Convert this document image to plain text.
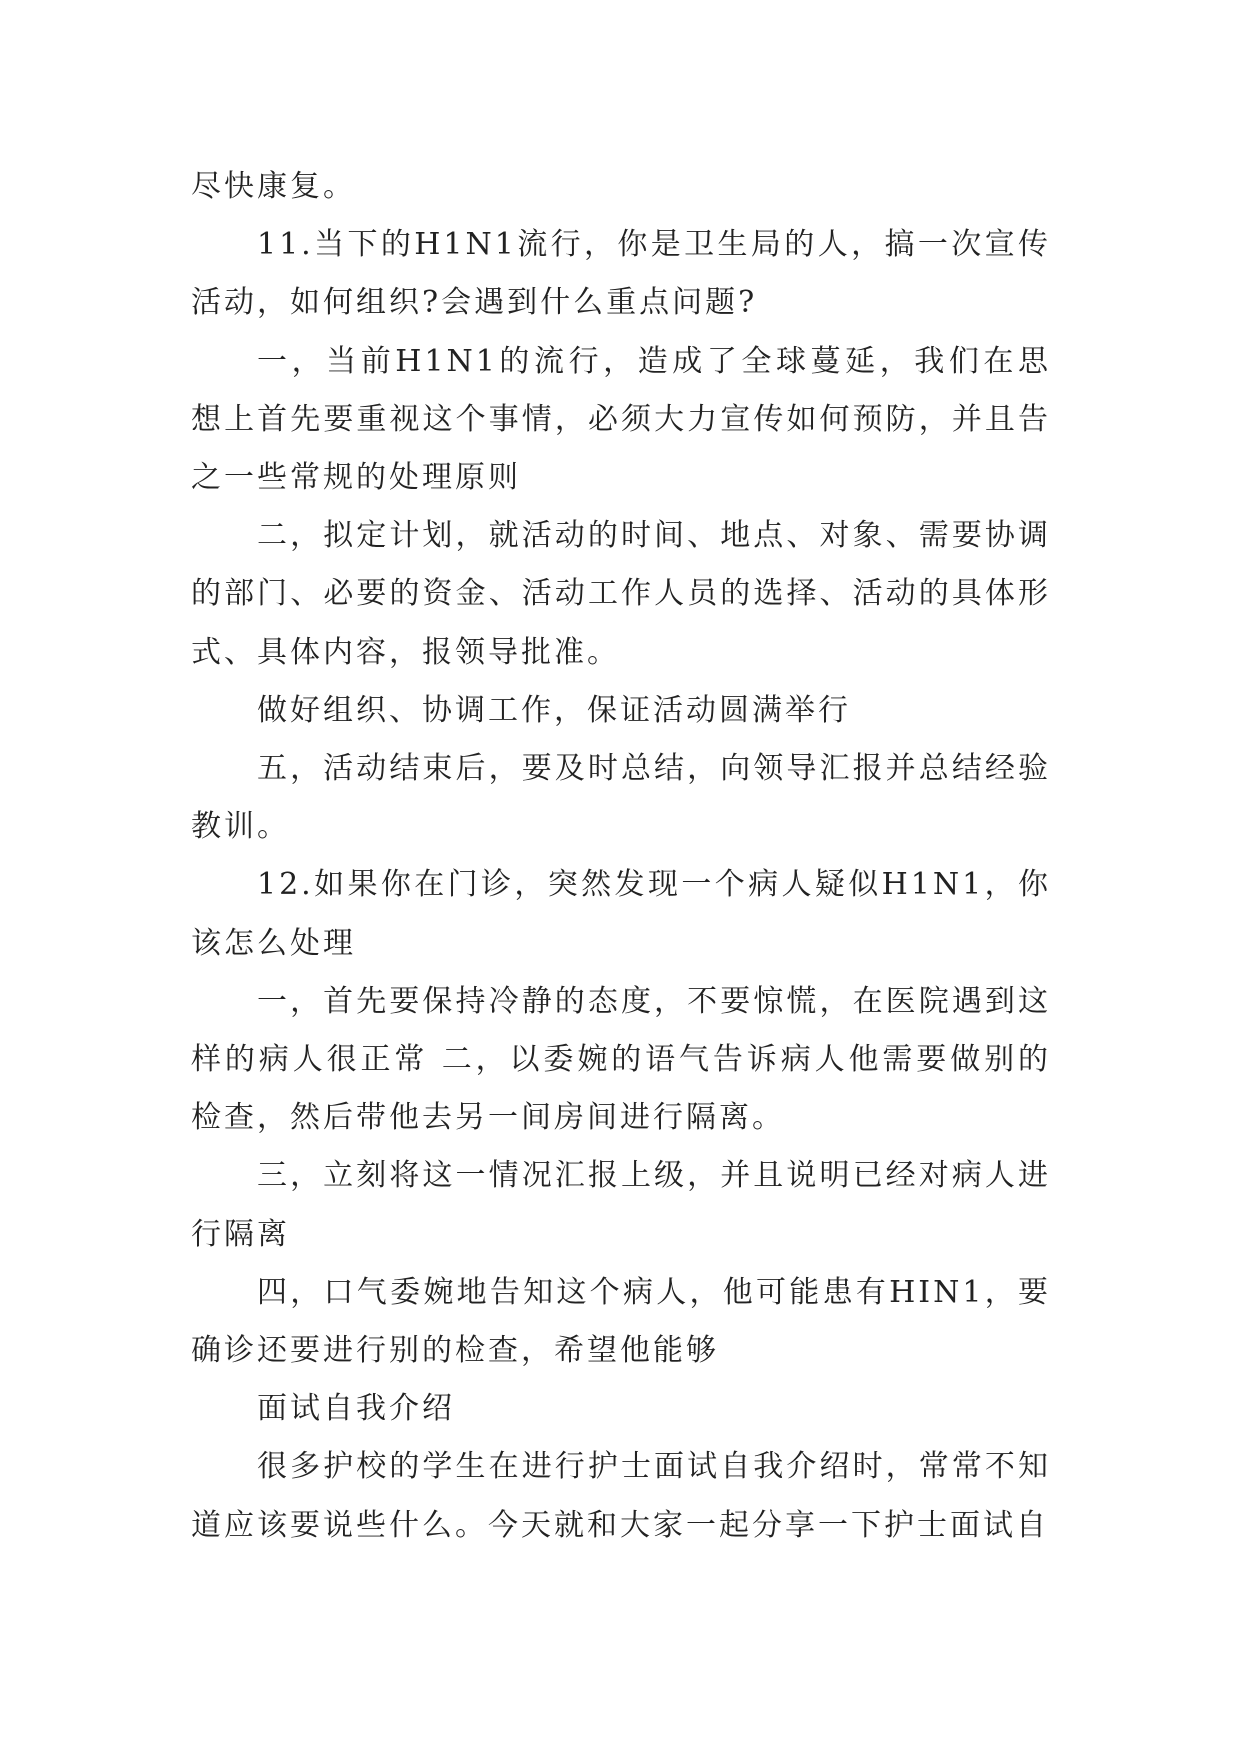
尽快康复。

11.当下的H1N1流行，你是卫生局的人，搞一次宣传活动，如何组织?会遇到什么重点问题?

一，当前H1N1的流行，造成了全球蔓延，我们在思想上首先要重视这个事情，必须大力宣传如何预防，并且告之一些常规的处理原则

二，拟定计划，就活动的时间、地点、对象、需要协调的部门、必要的资金、活动工作人员的选择、活动的具体形式、具体内容，报领导批准。

做好组织、协调工作，保证活动圆满举行

五，活动结束后，要及时总结，向领导汇报并总结经验教训。

12.如果你在门诊，突然发现一个病人疑似H1N1，你该怎么处理

一，首先要保持冷静的态度，不要惊慌，在医院遇到这样的病人很正常 二，以委婉的语气告诉病人他需要做别的检查，然后带他去另一间房间进行隔离。

三，立刻将这一情况汇报上级，并且说明已经对病人进行隔离

四，口气委婉地告知这个病人，他可能患有HIN1，要确诊还要进行别的检查，希望他能够

面试自我介绍

很多护校的学生在进行护士面试自我介绍时，常常不知道应该要说些什么。今天就和大家一起分享一下护士面试自
